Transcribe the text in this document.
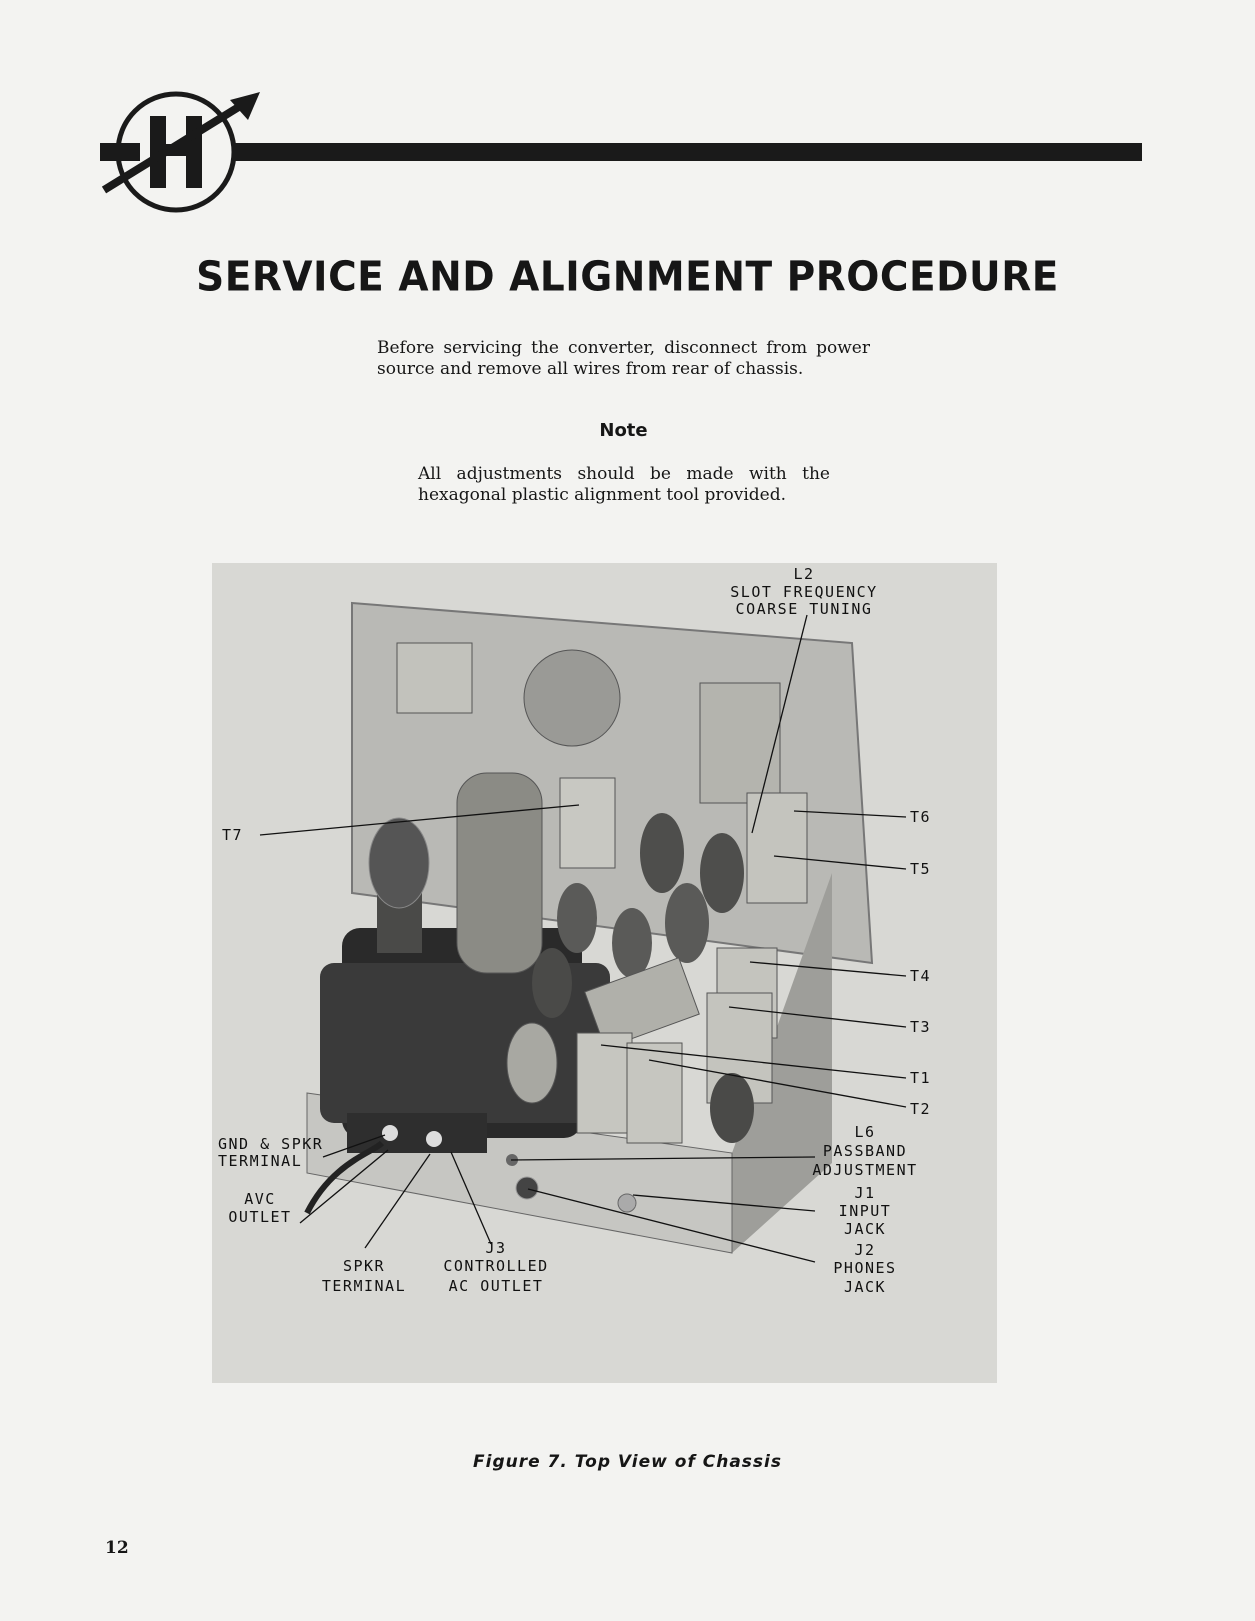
SERVICE AND ALIGNMENT PROCEDURE
Before servicing the converter, disconnect from power source and remove all wires from rear of chassis.
Note
All adjustments should be made with the hexagonal plastic alignment tool provided.
L2
SLOT FREQUENCY
COARSE TUNING
T7
T6
T5
T4
T3
T1
T2
GND & SPKR
TERMINAL
AVC
OUTLET
SPKR
TERMINAL
J3
CONTROLLED
AC OUTLET
L6
PASSBAND
ADJUSTMENT
J1
INPUT
JACK
J2
PHONES
JACK
Figure 7. Top View of Chassis
12
